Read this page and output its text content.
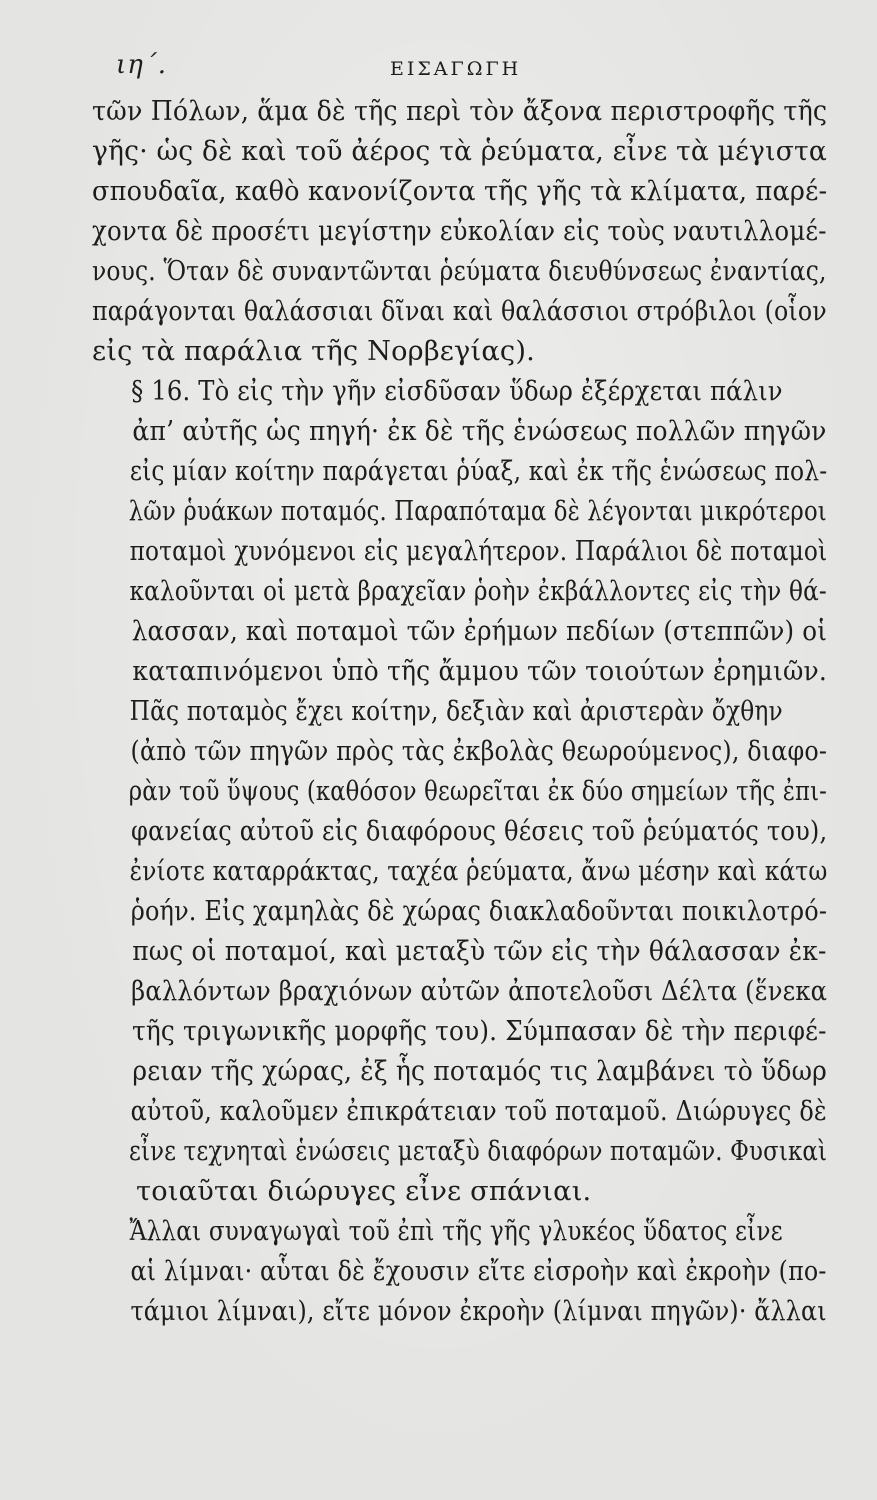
ιη΄.	ΕΙΣΑΓΩΓΗ
τῶν Πόλων, ἅμα δὲ τῆς περὶ τὸν ἄξονα περιστροφῆς τῆς
γῆς· ὡς δὲ καὶ τοῦ ἀέρος τὰ ῥεύματα, εἶνε τὰ μέγιστα
σπουδαῖα, καθὸ κανονίζοντα τῆς γῆς τὰ κλίματα, παρέ-
χοντα δὲ προσέτι μεγίστην εὐκολίαν εἰς τοὺς ναυτιλλομέ-
νους. Ὅταν δὲ συναντῶνται ῥεύματα διευθύνσεως ἐναντίας,
παράγονται θαλάσσιαι δῖναι καὶ θαλάσσιοι στρόβιλοι (οἷον
εἰς τὰ παράλια τῆς Νορβεγίας).
§ 16. Τὸ εἰς τὴν γῆν εἰσδῦσαν ὕδωρ ἐξέρχεται πάλιν
ἀπ’ αὐτῆς ὡς πηγή· ἐκ δὲ τῆς ἑνώσεως πολλῶν πηγῶν
εἰς μίαν κοίτην παράγεται ῥύαξ, καὶ ἐκ τῆς ἑνώσεως πολ-
λῶν ῥυάκων ποταμός. Παραπόταμα δὲ λέγονται μικρότεροι
ποταμοὶ χυνόμενοι εἰς μεγαλήτερον. Παράλιοι δὲ ποταμοὶ
καλοῦνται οἱ μετὰ βραχεῖαν ῥοὴν ἐκβάλλοντες εἰς τὴν θά-
λασσαν, καὶ ποταμοὶ τῶν ἐρήμων πεδίων (στεππῶν) οἱ
καταπινόμενοι ὑπὸ τῆς ἄμμου τῶν τοιούτων ἐρημιῶν.
Πᾶς ποταμὸς ἔχει κοίτην, δεξιὰν καὶ ἀριστερὰν ὄχθην
(ἀπὸ τῶν πηγῶν πρὸς τὰς ἐκβολὰς θεωρούμενος), διαφο-
ρὰν τοῦ ὕψους (καθόσον θεωρεῖται ἐκ δύο σημείων τῆς ἐπι-
φανείας αὐτοῦ εἰς διαφόρους θέσεις τοῦ ῥεύματός του),
ἐνίοτε καταρράκτας, ταχέα ῥεύματα, ἄνω μέσην καὶ κάτω
ῥοήν. Εἰς χαμηλὰς δὲ χώρας διακλαδοῦνται ποικιλοτρό-
πως οἱ ποταμοί, καὶ μεταξὺ τῶν εἰς τὴν θάλασσαν ἐκ-
βαλλόντων βραχιόνων αὐτῶν ἀποτελοῦσι Δέλτα (ἕνεκα
τῆς τριγωνικῆς μορφῆς του). Σύμπασαν δὲ τὴν περιφέ-
ρειαν τῆς χώρας, ἐξ ἧς ποταμός τις λαμβάνει τὸ ὕδωρ
αὐτοῦ, καλοῦμεν ἐπικράτειαν τοῦ ποταμοῦ. Διώρυγες δὲ
εἶνε τεχνηταὶ ἑνώσεις μεταξὺ διαφόρων ποταμῶν. Φυσικαὶ
τοιαῦται διώρυγες εἶνε σπάνιαι.
Ἄλλαι συναγωγαὶ τοῦ ἐπὶ τῆς γῆς γλυκέος ὕδατος εἶνε
αἱ λίμναι· αὗται δὲ ἔχουσιν εἴτε εἰσροὴν καὶ ἐκροὴν (πο-
τάμιοι λίμναι), εἴτε μόνον ἐκροὴν (λίμναι πηγῶν)· ἄλλαι
